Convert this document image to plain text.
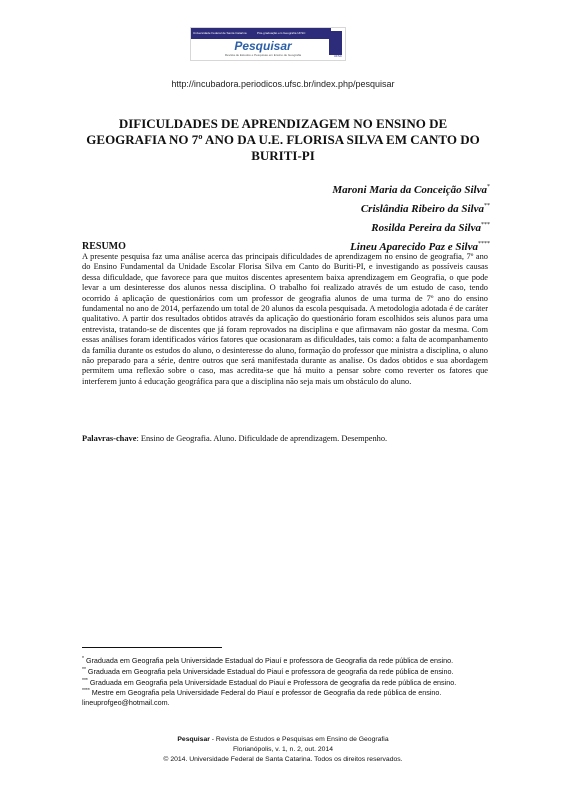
Universidade Federal de Santa Catarina	Pós-graduação em Geografia UFSC
Pesquisar
Revista de Estudos e Pesquisas em Ensino de Geografia	UFSC
http://incubadora.periodicos.ufsc.br/index.php/pesquisar
DIFICULDADES DE APRENDIZAGEM NO ENSINO DE GEOGRAFIA NO 7º ANO DA U.E. FLORISA SILVA EM CANTO DO BURITI-PI
Maroni Maria da Conceição Silva*
Crislândia Ribeiro da Silva**
Rosilda Pereira da Silva***
Lineu Aparecido Paz e Silva****
RESUMO

A presente pesquisa faz uma análise acerca das principais dificuldades de aprendizagem no ensino de geografia, 7º ano do Ensino Fundamental da Unidade Escolar Florisa Silva em Canto do Buriti-PI, e investigando as possíveis causas dessa dificuldade, que favorece para que muitos discentes apresentem baixa aprendizagem em Geografia, o que pode levar a um desinteresse dos alunos nessa disciplina. O trabalho foi realizado através de um estudo de caso, tendo ocorrido á aplicação de questionários com um professor de geografia alunos de uma turma de 7º ano do ensino fundamental no ano de 2014, perfazendo um total de 20 alunos da escola pesquisada. A metodologia adotada é de caráter qualitativo. A partir dos resultados obtidos através da aplicação do questionário foram escolhidos seis alunos para uma entrevista, tratando-se de discentes que já foram reprovados na disciplina e que afirmavam não gostar da mesma. Com essas análises foram identificados vários fatores que ocasionaram as dificuldades, tais como: a falta de acompanhamento da família durante os estudos do aluno, o desinteresse do aluno, formação do professor que ministra a disciplina, o aluno não preparado para a série, dentre outros que será manifestada durante as analise. Os dados obtidos e sua abordagem permitem uma reflexão sobre o caso, mas acredita-se que há muito a pensar sobre como reverter os fatores que interferem junto á educação geográfica para que a disciplina não seja mais um obstáculo do aluno.

Palavras-chave: Ensino de Geografia. Aluno. Dificuldade de aprendizagem. Desempenho.

* Graduada em Geografia pela Universidade Estadual do Piauí e professora de Geografia da rede pública de ensino.

** Graduada em Geografia pela Universidade Estadual do Piauí e professora de geografia da rede pública de ensino.

*** Graduada em Geografia pela Universidade Estadual do Piauí e Professora de geografia da rede pública de ensino.

**** Mestre em Geografia pela Universidade Federal do Piauí e professor de Geografia da rede pública de ensino. lineuprofgeo@hotmail.com.

Pesquisar - Revista de Estudos e Pesquisas em Ensino de Geografia
Florianópolis, v. 1, n. 2, out. 2014
© 2014. Universidade Federal de Santa Catarina. Todos os direitos reservados.
